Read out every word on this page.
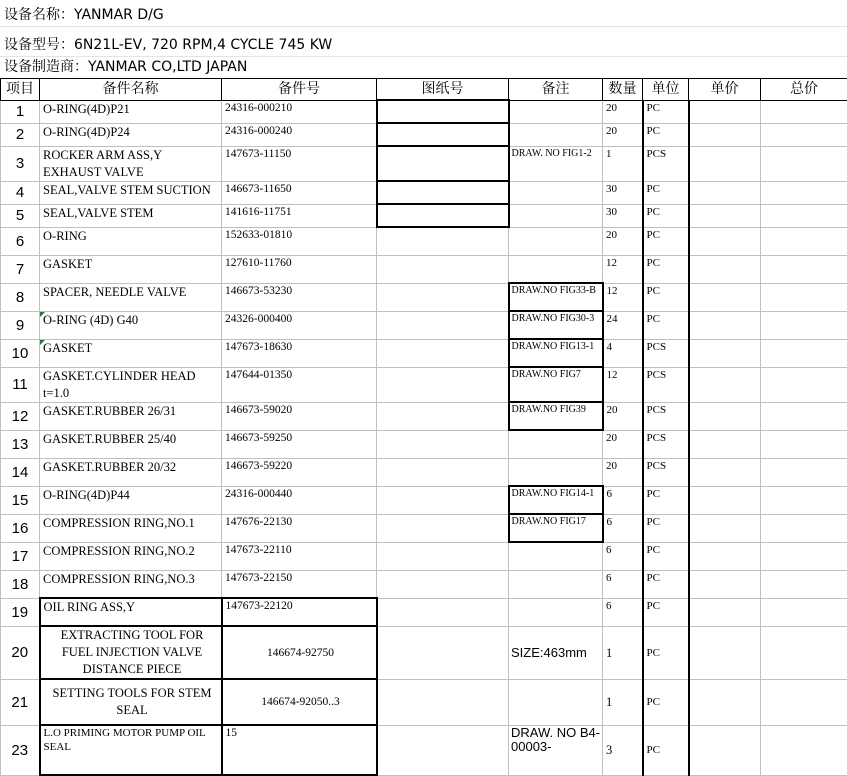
设备名称：YANMAR D/G
设备型号：6N21L-EV, 720 RPM,4 CYCLE 745 KW
设备制造商：YANMAR CO,LTD JAPAN
项目	备件名称	备件号	图纸号	备注	数量	单位	单价	总价
1	O-RING(4D)P21	24316-000210			20	PC		
2	O-RING(4D)P24	24316-000240			20	PC		
3	ROCKER ARM ASS,Y EXHAUST VALVE	147673-11150		DRAW. NO FIG1-2	1	PCS		
4	SEAL,VALVE STEM SUCTION	146673-11650			30	PC		
5	SEAL,VALVE STEM	141616-11751			30	PC		
6	O-RING	152633-01810			20	PC		
7	GASKET	127610-11760			12	PC		
8	SPACER, NEEDLE VALVE	146673-53230		DRAW.NO FIG33-B	12	PC		
9	O-RING (4D) G40	24326-000400		DRAW.NO FIG30-3	24	PC		
10	GASKET	147673-18630		DRAW.NO FIG13-1	4	PCS		
11	GASKET.CYLINDER HEAD t=1.0	147644-01350		DRAW.NO FIG7	12	PCS		
12	GASKET.RUBBER 26/31	146673-59020		DRAW.NO FIG39	20	PCS		
13	GASKET.RUBBER 25/40	146673-59250			20	PCS		
14	GASKET.RUBBER 20/32	146673-59220			20	PCS		
15	O-RING(4D)P44	24316-000440		DRAW.NO FIG14-1	6	PC		
16	COMPRESSION RING,NO.1	147676-22130		DRAW.NO FIG17	6	PC		
17	COMPRESSION RING,NO.2	147673-22110			6	PC		
18	COMPRESSION RING,NO.3	147673-22150			6	PC		
19	OIL RING ASS,Y	147673-22120			6	PC		
20	EXTRACTING TOOL FOR FUEL INJECTION VALVE DISTANCE PIECE	146674-92750		SIZE:463mm	1	PC		
21	SETTING TOOLS FOR STEM SEAL	146674-92050..3			1	PC		
23	L.O PRIMING MOTOR PUMP OIL SEAL	15		DRAW. NO B4-00003-	3	PC		
